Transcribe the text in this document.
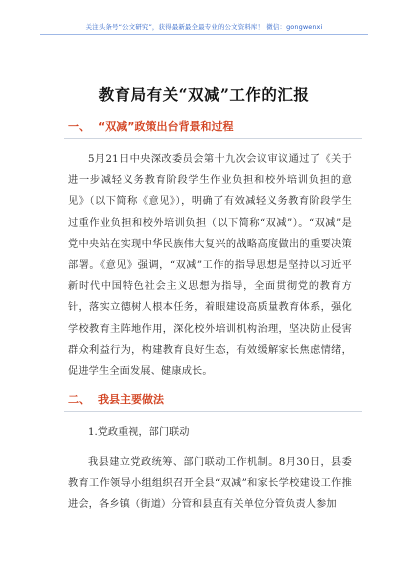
关注头条号“公文研究”，获得最新最全最专业的公文资料库！ 微信：gongwenxi
教育局有关“双减”工作的汇报
一、 “双减”政策出台背景和过程

5月21日中央深改委员会第十九次会议审议通过了《关于进一步减轻义务教育阶段学生作业负担和校外培训负担的意见》（以下简称《意见》），明确了有效减轻义务教育阶段学生过重作业负担和校外培训负担（以下简称“双减”）。“双减”是党中央站在实现中华民族伟大复兴的战略高度做出的重要决策部署。《意见》强调，“双减”工作的指导思想是坚持以习近平新时代中国特色社会主义思想为指导，全面贯彻党的教育方针，落实立德树人根本任务，着眼建设高质量教育体系，强化学校教育主阵地作用，深化校外培训机构治理，坚决防止侵害群众利益行为，构建教育良好生态，有效缓解家长焦虑情绪，促进学生全面发展、健康成长。

二、 我县主要做法
1.党政重视，部门联动

我县建立党政统筹、部门联动工作机制。8月30日，县委教育工作领导小组组织召开全县“双减”和家长学校建设工作推进会，各乡镇（街道）分管和县直有关单位分管负责人参加
